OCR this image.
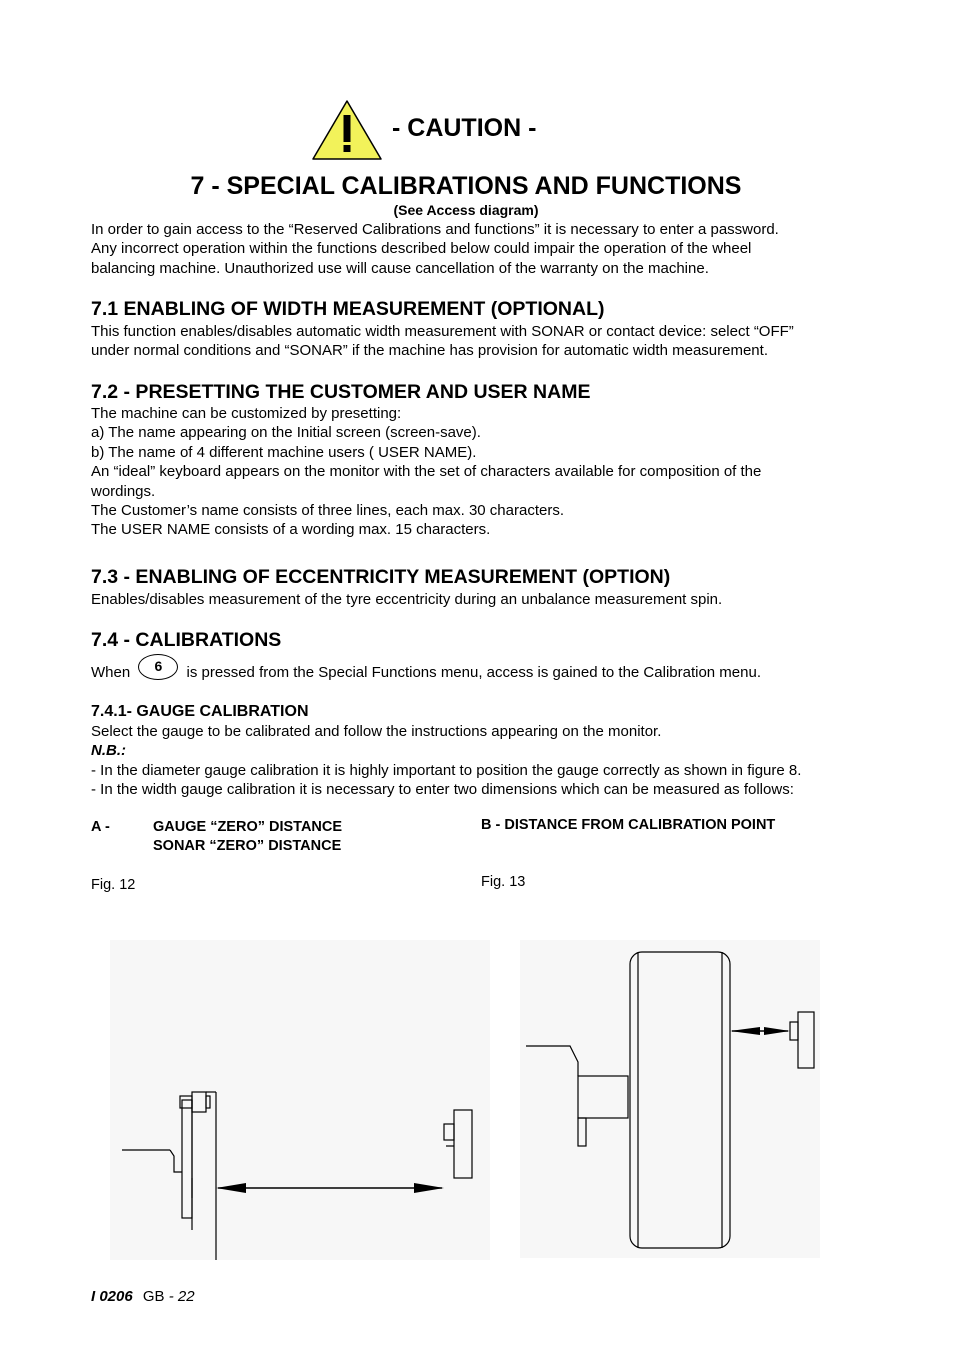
- CAUTION -
7 - SPECIAL CALIBRATIONS AND FUNCTIONS
(See Access diagram)
In order to gain access to the “Reserved Calibrations and functions” it is necessary to enter a password.
Any incorrect operation within the functions described below could impair the operation of the wheel
balancing machine. Unauthorized use will cause cancellation of the warranty on the machine.
7.1 ENABLING OF WIDTH MEASUREMENT (OPTIONAL)
This function enables/disables automatic width measurement with SONAR or contact device: select “OFF”
under normal conditions and “SONAR” if the machine has provision for automatic width measurement.
7.2 - PRESETTING THE CUSTOMER AND USER NAME
The machine can be customized by presetting:
a) The name appearing on the Initial screen (screen-save).
b) The name of 4 different machine users ( USER NAME).
An “ideal” keyboard appears on the monitor with the set of characters available for composition of the
wordings.
The Customer’s name consists of three lines, each max. 30 characters.
The USER NAME consists of a wording max. 15 characters.
7.3 - ENABLING OF ECCENTRICITY MEASUREMENT (OPTION)
Enables/disables measurement of the tyre eccentricity during an unbalance measurement spin.
7.4 - CALIBRATIONS
When 6 is pressed from the Special Functions menu, access is gained to the Calibration menu.
7.4.1- GAUGE CALIBRATION
Select the gauge to be calibrated and follow the instructions appearing on the monitor.
N.B.:
- In the diameter gauge calibration it is highly important to position the gauge correctly as shown in figure 8.
- In the width gauge calibration it is necessary to enter two dimensions which can be measured as follows:
A -	GAUGE “ZERO” DISTANCE
SONAR “ZERO” DISTANCE
Fig. 12
B - DISTANCE FROM CALIBRATION POINT
Fig. 13
I 0206 GB - 22
